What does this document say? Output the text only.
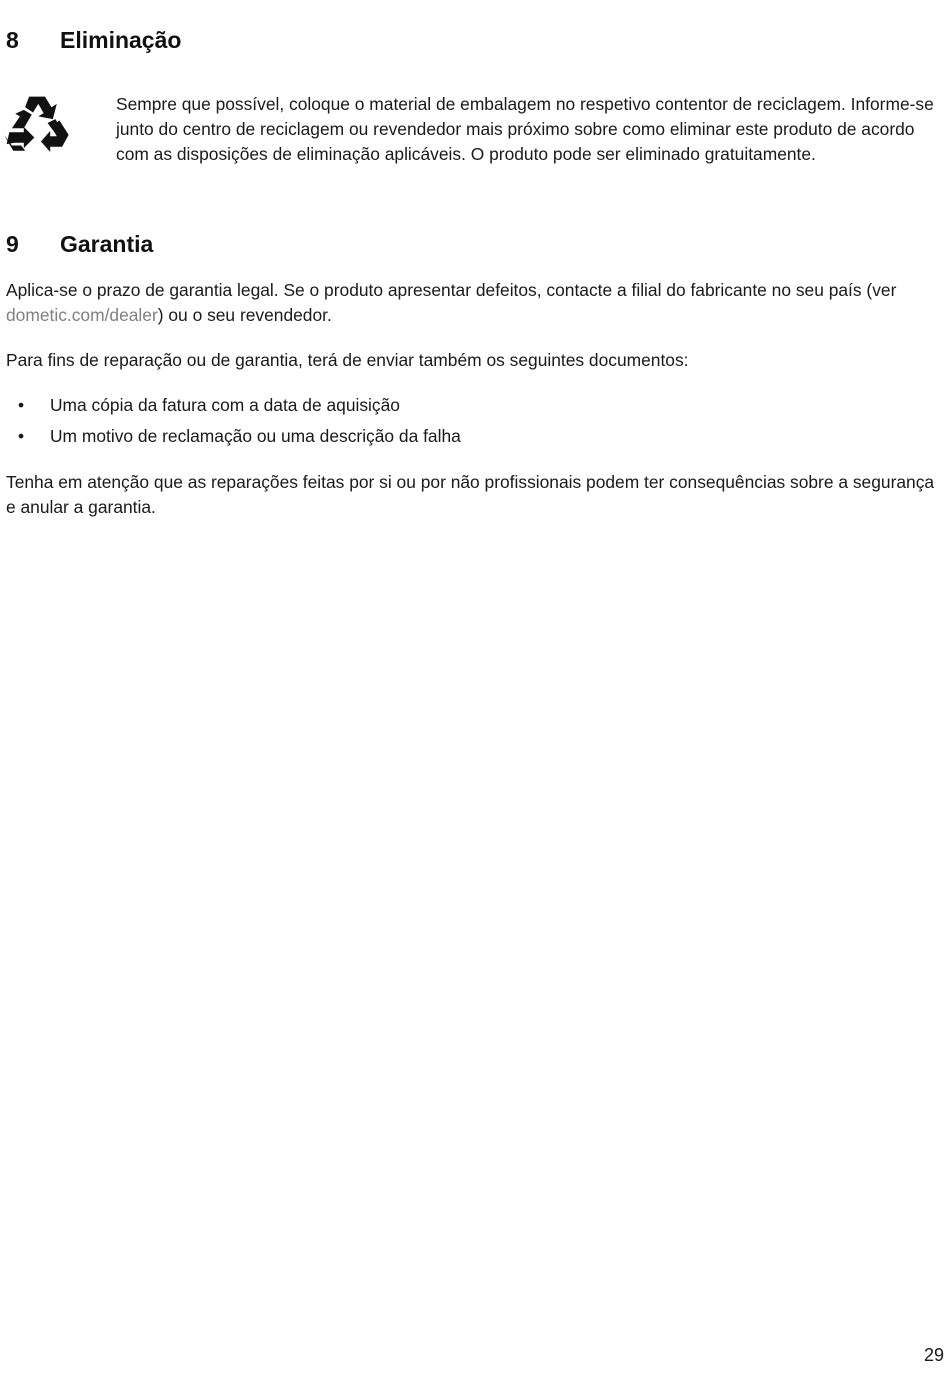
8 Eliminação

Sempre que possível, coloque o material de embalagem no respetivo contentor de reciclagem. Informe-se junto do centro de reciclagem ou revendedor mais próximo sobre como eliminar este produto de acordo com as disposições de eliminação aplicáveis. O produto pode ser eliminado gratuitamente.

9 Garantia

Aplica-se o prazo de garantia legal. Se o produto apresentar defeitos, contacte a filial do fabricante no seu país (ver dometic.com/dealer) ou o seu revendedor.

Para fins de reparação ou de garantia, terá de enviar também os seguintes documentos:

• Uma cópia da fatura com a data de aquisição
• Um motivo de reclamação ou uma descrição da falha

Tenha em atenção que as reparações feitas por si ou por não profissionais podem ter consequências sobre a segurança e anular a garantia.

29
